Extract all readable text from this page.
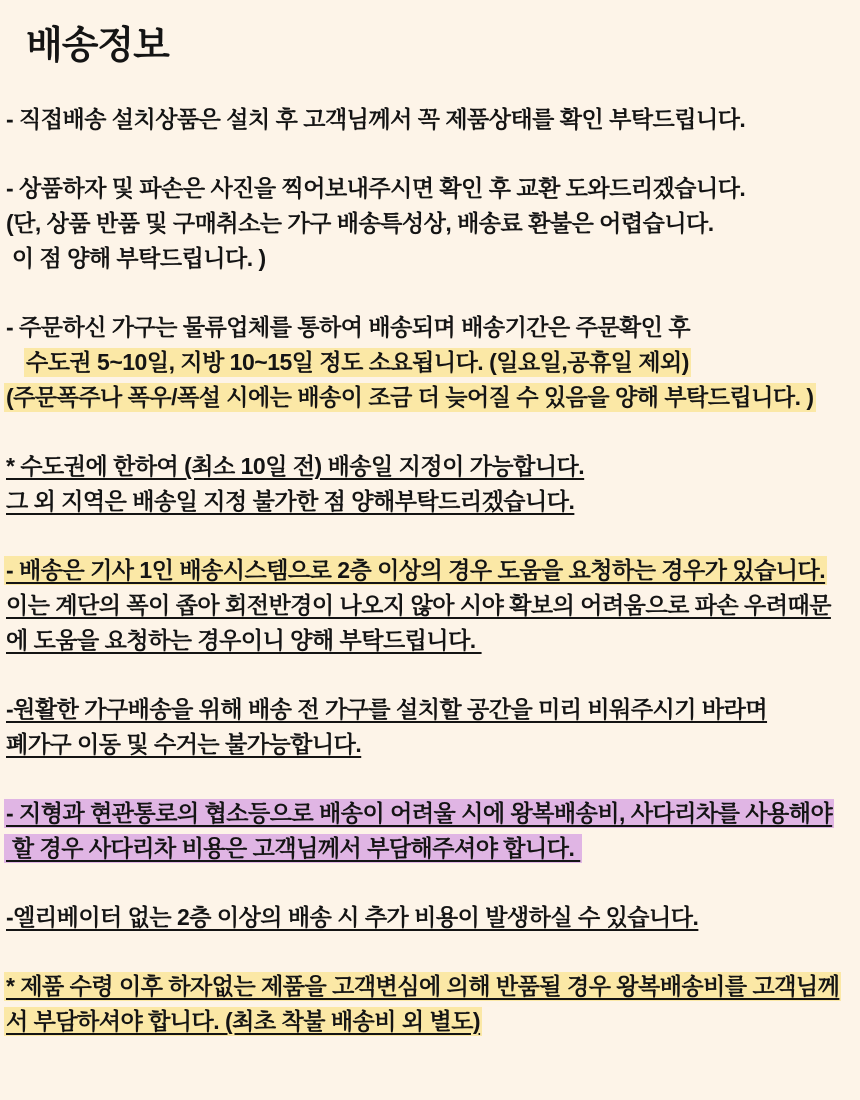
배송정보
- 직접배송 설치상품은 설치 후 고객님께서 꼭 제품상태를 확인 부탁드립니다.
- 상품하자 및 파손은 사진을 찍어보내주시면 확인 후 교환 도와드리겠습니다.
(단, 상품 반품 및 구매취소는 가구 배송특성상, 배송료 환불은 어렵습니다.
이 점 양해 부탁드립니다. )
- 주문하신 가구는 물류업체를 통하여 배송되며 배송기간은 주문확인 후
수도권 5~10일, 지방 10~15일 정도 소요됩니다. (일요일,공휴일 제외)
(주문폭주나 폭우/폭설 시에는 배송이 조금 더 늦어질 수 있음을 양해 부탁드립니다. )
* 수도권에 한하여 (최소 10일 전) 배송일 지정이 가능합니다.
그 외 지역은 배송일 지정 불가한 점 양해부탁드리겠습니다.
- 배송은 기사 1인 배송시스템으로 2층 이상의 경우 도움을 요청하는 경우가 있습니다.
이는 계단의 폭이 좁아 회전반경이 나오지 않아 시야 확보의 어려움으로 파손 우려때문
에 도움을 요청하는 경우이니 양해 부탁드립니다.
-원활한 가구배송을 위해 배송 전 가구를 설치할 공간을 미리 비워주시기 바라며
폐가구 이동 및 수거는 불가능합니다.
- 지형과 현관통로의 협소등으로 배송이 어려울 시에 왕복배송비, 사다리차를 사용해야
할 경우 사다리차 비용은 고객님께서 부담해주셔야 합니다.
-엘리베이터 없는 2층 이상의 배송 시 추가 비용이 발생하실 수 있습니다.
* 제품 수령 이후 하자없는 제품을 고객변심에 의해 반품될 경우 왕복배송비를 고객님께
서 부담하셔야 합니다. (최초 착불 배송비 외 별도)
